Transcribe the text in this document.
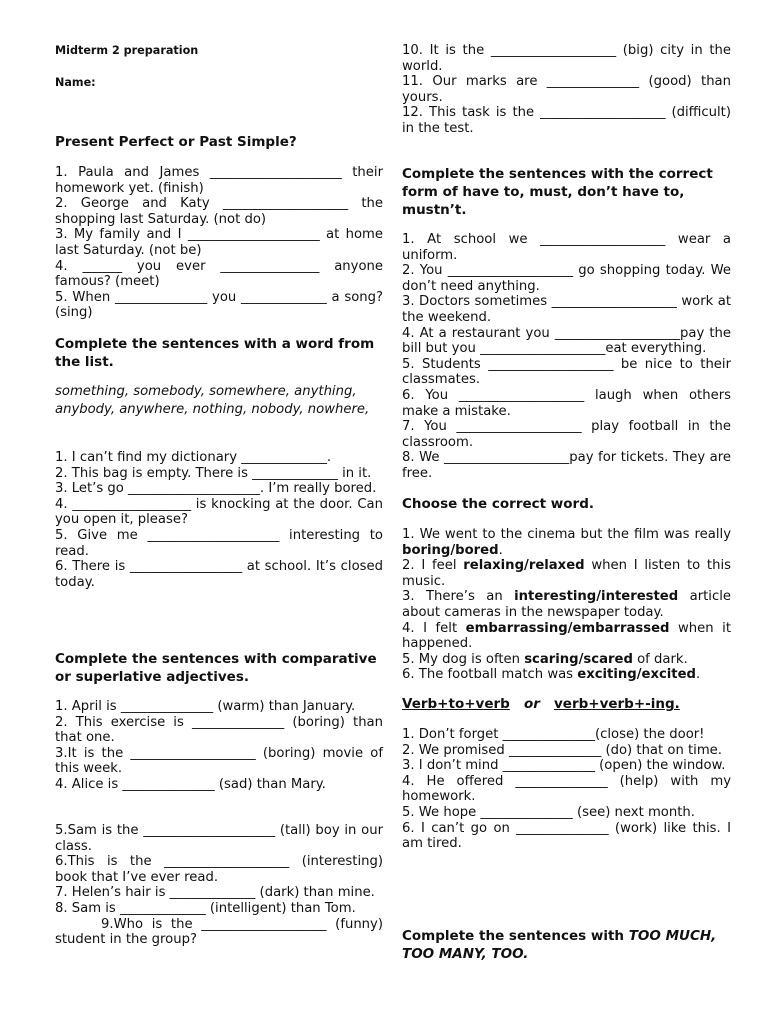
Midterm 2 preparation

Name:

Present Perfect or Past Simple?

1. Paula and James ____________________ their homework yet. (finish)

2. George and Katy ___________________ the shopping last Saturday. (not do)

3. My family and I ____________________ at home last Saturday. (not be)

4. ______ you ever _______________ anyone famous? (meet)

5. When ______________ you _____________ a song? (sing)

Complete the sentences with a word from the list.

something, somebody, somewhere, anything, anybody, anywhere, nothing, nobody, nowhere,

1. I can’t find my dictionary _____________.

2. This bag is empty. There is _____________ in it.

3. Let’s go ____________________. I’m really bored.

4. __________________ is knocking at the door. Can you open it, please?

5. Give me ____________________ interesting to read.

6. There is _________________ at school. It’s closed today.

Complete the sentences with comparative or superlative adjectives.

1. April is ______________ (warm) than January.

2. This exercise is ______________ (boring) than that one.

3.It is the ___________________ (boring) movie of this week.

4. Alice is ______________ (sad) than Mary.

5.Sam is the ____________________ (tall) boy in our class.

6.This is the ___________________ (interesting) book that I’ve ever read.

7. Helen’s hair is _____________ (dark) than mine.

8. Sam is _____________ (intelligent) than Tom.

9.Who is the ___________________ (funny) student in the group?

10. It is the ___________________ (big) city in the world.

11. Our marks are ______________ (good) than yours.

12. This task is the ___________________ (difficult) in the test.

Complete the sentences with the correct form of have to, must, don’t have to, mustn’t.

1. At school we ___________________ wear a uniform.

2. You ___________________ go shopping today. We don’t need anything.

3. Doctors sometimes ___________________ work at the weekend.

4. At a restaurant you ___________________pay the bill but you ___________________eat everything.

5. Students ___________________ be nice to their classmates.

6. You ___________________ laugh when others make a mistake.

7. You ___________________ play football in the classroom.

8. We ___________________pay for tickets. They are free.

Choose the correct word.

1. We went to the cinema but the film was really boring/bored.

2. I feel relaxing/relaxed when I listen to this music.

3. There’s an interesting/interested article about cameras in the newspaper today.

4. I felt embarrassing/embarrassed when it happened.

5. My dog is often scaring/scared of dark.

6. The football match was exciting/excited.

Verb+to+verb or verb+verb+-ing.

1. Don’t forget ______________(close) the door!

2. We promised ______________ (do) that on time.

3. I don’t mind ______________ (open) the window.

4. He offered ______________ (help) with my homework.

5. We hope ______________ (see) next month.

6. I can’t go on ______________ (work) like this. I am tired.

Complete the sentences with TOO MUCH, TOO MANY, TOO.
